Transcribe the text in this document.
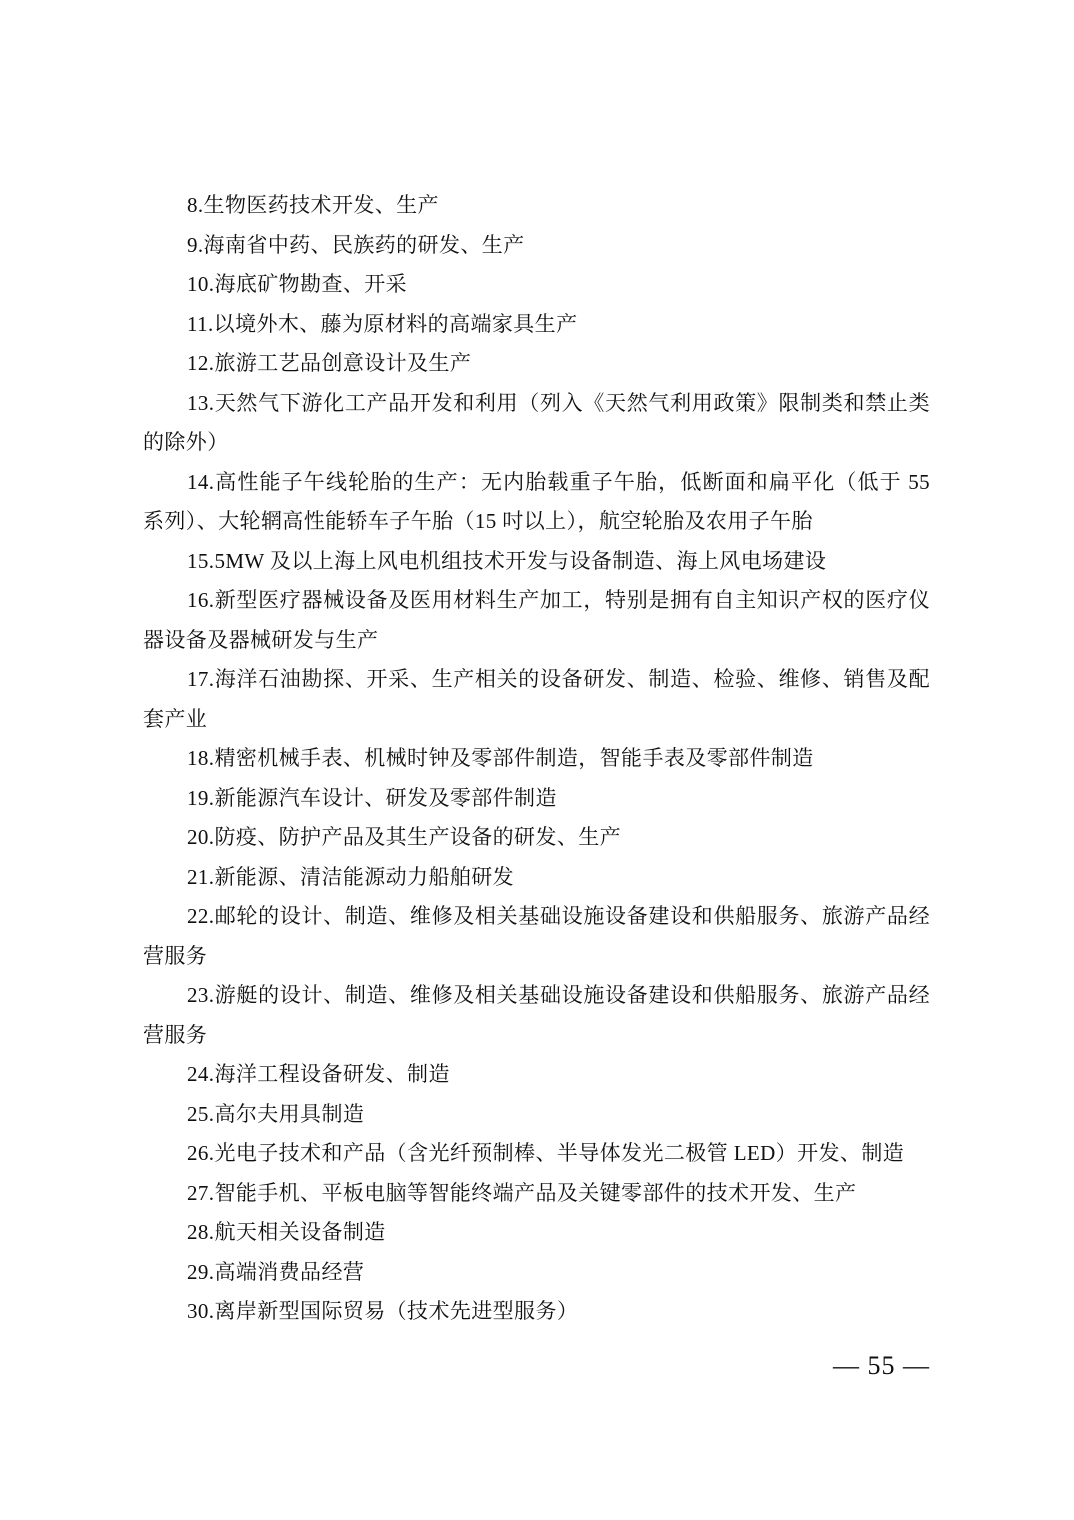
8.生物医药技术开发、生产

9.海南省中药、民族药的研发、生产

10.海底矿物勘查、开采

11.以境外木、藤为原材料的高端家具生产

12.旅游工艺品创意设计及生产

13.天然气下游化工产品开发和利用（列入《天然气利用政策》限制类和禁止类的除外）

14.高性能子午线轮胎的生产：无内胎载重子午胎，低断面和扁平化（低于 55 系列）、大轮辋高性能轿车子午胎（15 吋以上），航空轮胎及农用子午胎

15.5MW 及以上海上风电机组技术开发与设备制造、海上风电场建设

16.新型医疗器械设备及医用材料生产加工，特别是拥有自主知识产权的医疗仪器设备及器械研发与生产

17.海洋石油勘探、开采、生产相关的设备研发、制造、检验、维修、销售及配套产业

18.精密机械手表、机械时钟及零部件制造，智能手表及零部件制造

19.新能源汽车设计、研发及零部件制造

20.防疫、防护产品及其生产设备的研发、生产

21.新能源、清洁能源动力船舶研发

22.邮轮的设计、制造、维修及相关基础设施设备建设和供船服务、旅游产品经营服务

23.游艇的设计、制造、维修及相关基础设施设备建设和供船服务、旅游产品经营服务

24.海洋工程设备研发、制造

25.高尔夫用具制造

26.光电子技术和产品（含光纤预制棒、半导体发光二极管 LED）开发、制造

27.智能手机、平板电脑等智能终端产品及关键零部件的技术开发、生产

28.航天相关设备制造

29.高端消费品经营

30.离岸新型国际贸易（技术先进型服务）

— 55 —
